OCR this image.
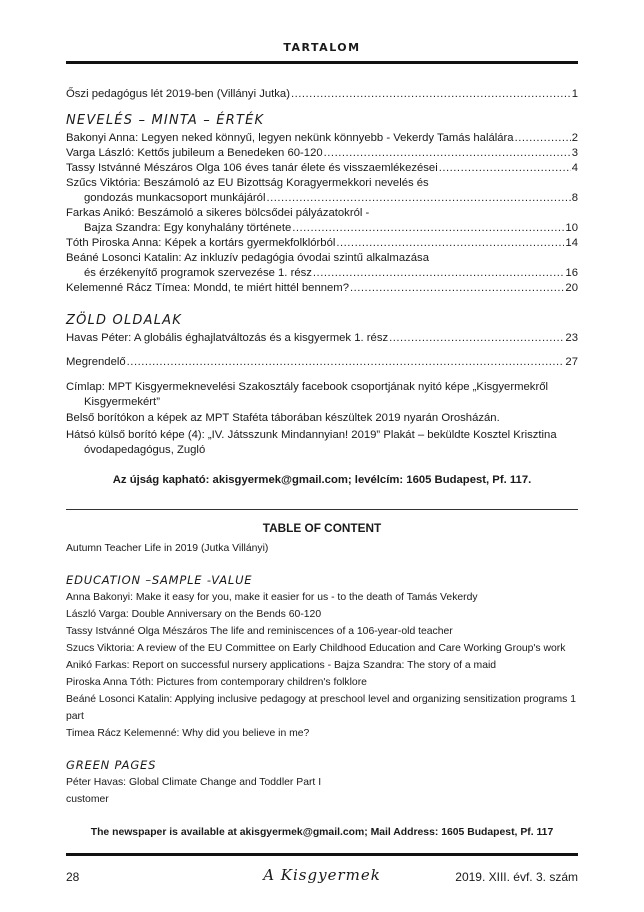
TARTALOM
Őszi pedagógus lét 2019-ben (Villányi Jutka) .....	1
NEVELÉS – MINTA – ÉRTÉK
Bakonyi Anna: Legyen neked könnyű, legyen nekünk könnyebb - Vekerdy Tamás halálára .....	2
Varga László: Kettős jubileum a Benedeken 60-120 .....	3
Tassy Istvánné Mészáros Olga 106 éves tanár élete és visszaemlékezései .....	4
Szűcs Viktória: Beszámoló az EU Bizottság Koragyermekkori nevelés és
gondozás munkacsoport munkájáról .....	8
Farkas Anikó: Beszámoló a sikeres bölcsődei pályázatokról -
Bajza Szandra: Egy konyhalány története .....	10
Tóth Piroska Anna: Képek a kortárs gyermekfolklórból .....	14
Beáné Losonci Katalin: Az inkluzív pedagógia óvodai szintű alkalmazása
és érzékenyítő programok szervezése 1. rész .....	16
Kelemenné Rácz Tímea: Mondd, te miért hittél bennem? .....	20
ZÖLD OLDALAK
Havas Péter: A globális éghajlatváltozás és a kisgyermek 1. rész .....	23
Megrendelő .....	27
Címlap: MPT Kisgyermeknevelési Szakosztály facebook csoportjának nyitó képe „Kisgyermekről
Kisgyermekért”
Belső borítókon a képek az MPT Staféta táborában készültek 2019 nyarán Orosházán.
Hátsó külső borító képe (4): „IV. Játsszunk Mindannyian! 2019” Plakát – beküldte Kosztel Krisztina
óvodapedagógus, Zugló
Az újság kapható: akisgyermek@gmail.com; levélcím: 1605 Budapest, Pf. 117.
TABLE OF CONTENT
Autumn Teacher Life in 2019 (Jutka Villányi)
EDUCATION –SAMPLE -VALUE
Anna Bakonyi: Make it easy for you, make it easier for us - to the death of Tamás Vekerdy
László Varga: Double Anniversary on the Bends 60-120
Tassy Istvánné Olga Mészáros The life and reminiscences of a 106-year-old teacher
Szucs Viktoria: A review of the EU Committee on Early Childhood Education and Care Working Group's work
Anikó Farkas: Report on successful nursery applications - Bajza Szandra: The story of a maid
Piroska Anna Tóth: Pictures from contemporary children's folklore
Beáné Losonci Katalin: Applying inclusive pedagogy at preschool level and organizing sensitization programs 1
part
Timea Rácz Kelemenné: Why did you believe in me?
GREEN PAGES
Péter Havas: Global Climate Change and Toddler Part I
customer
The newspaper is available at akisgyermek@gmail.com; Mail Address: 1605 Budapest, Pf. 117
28	A Kisgyermek	2019. XIII. évf. 3. szám
